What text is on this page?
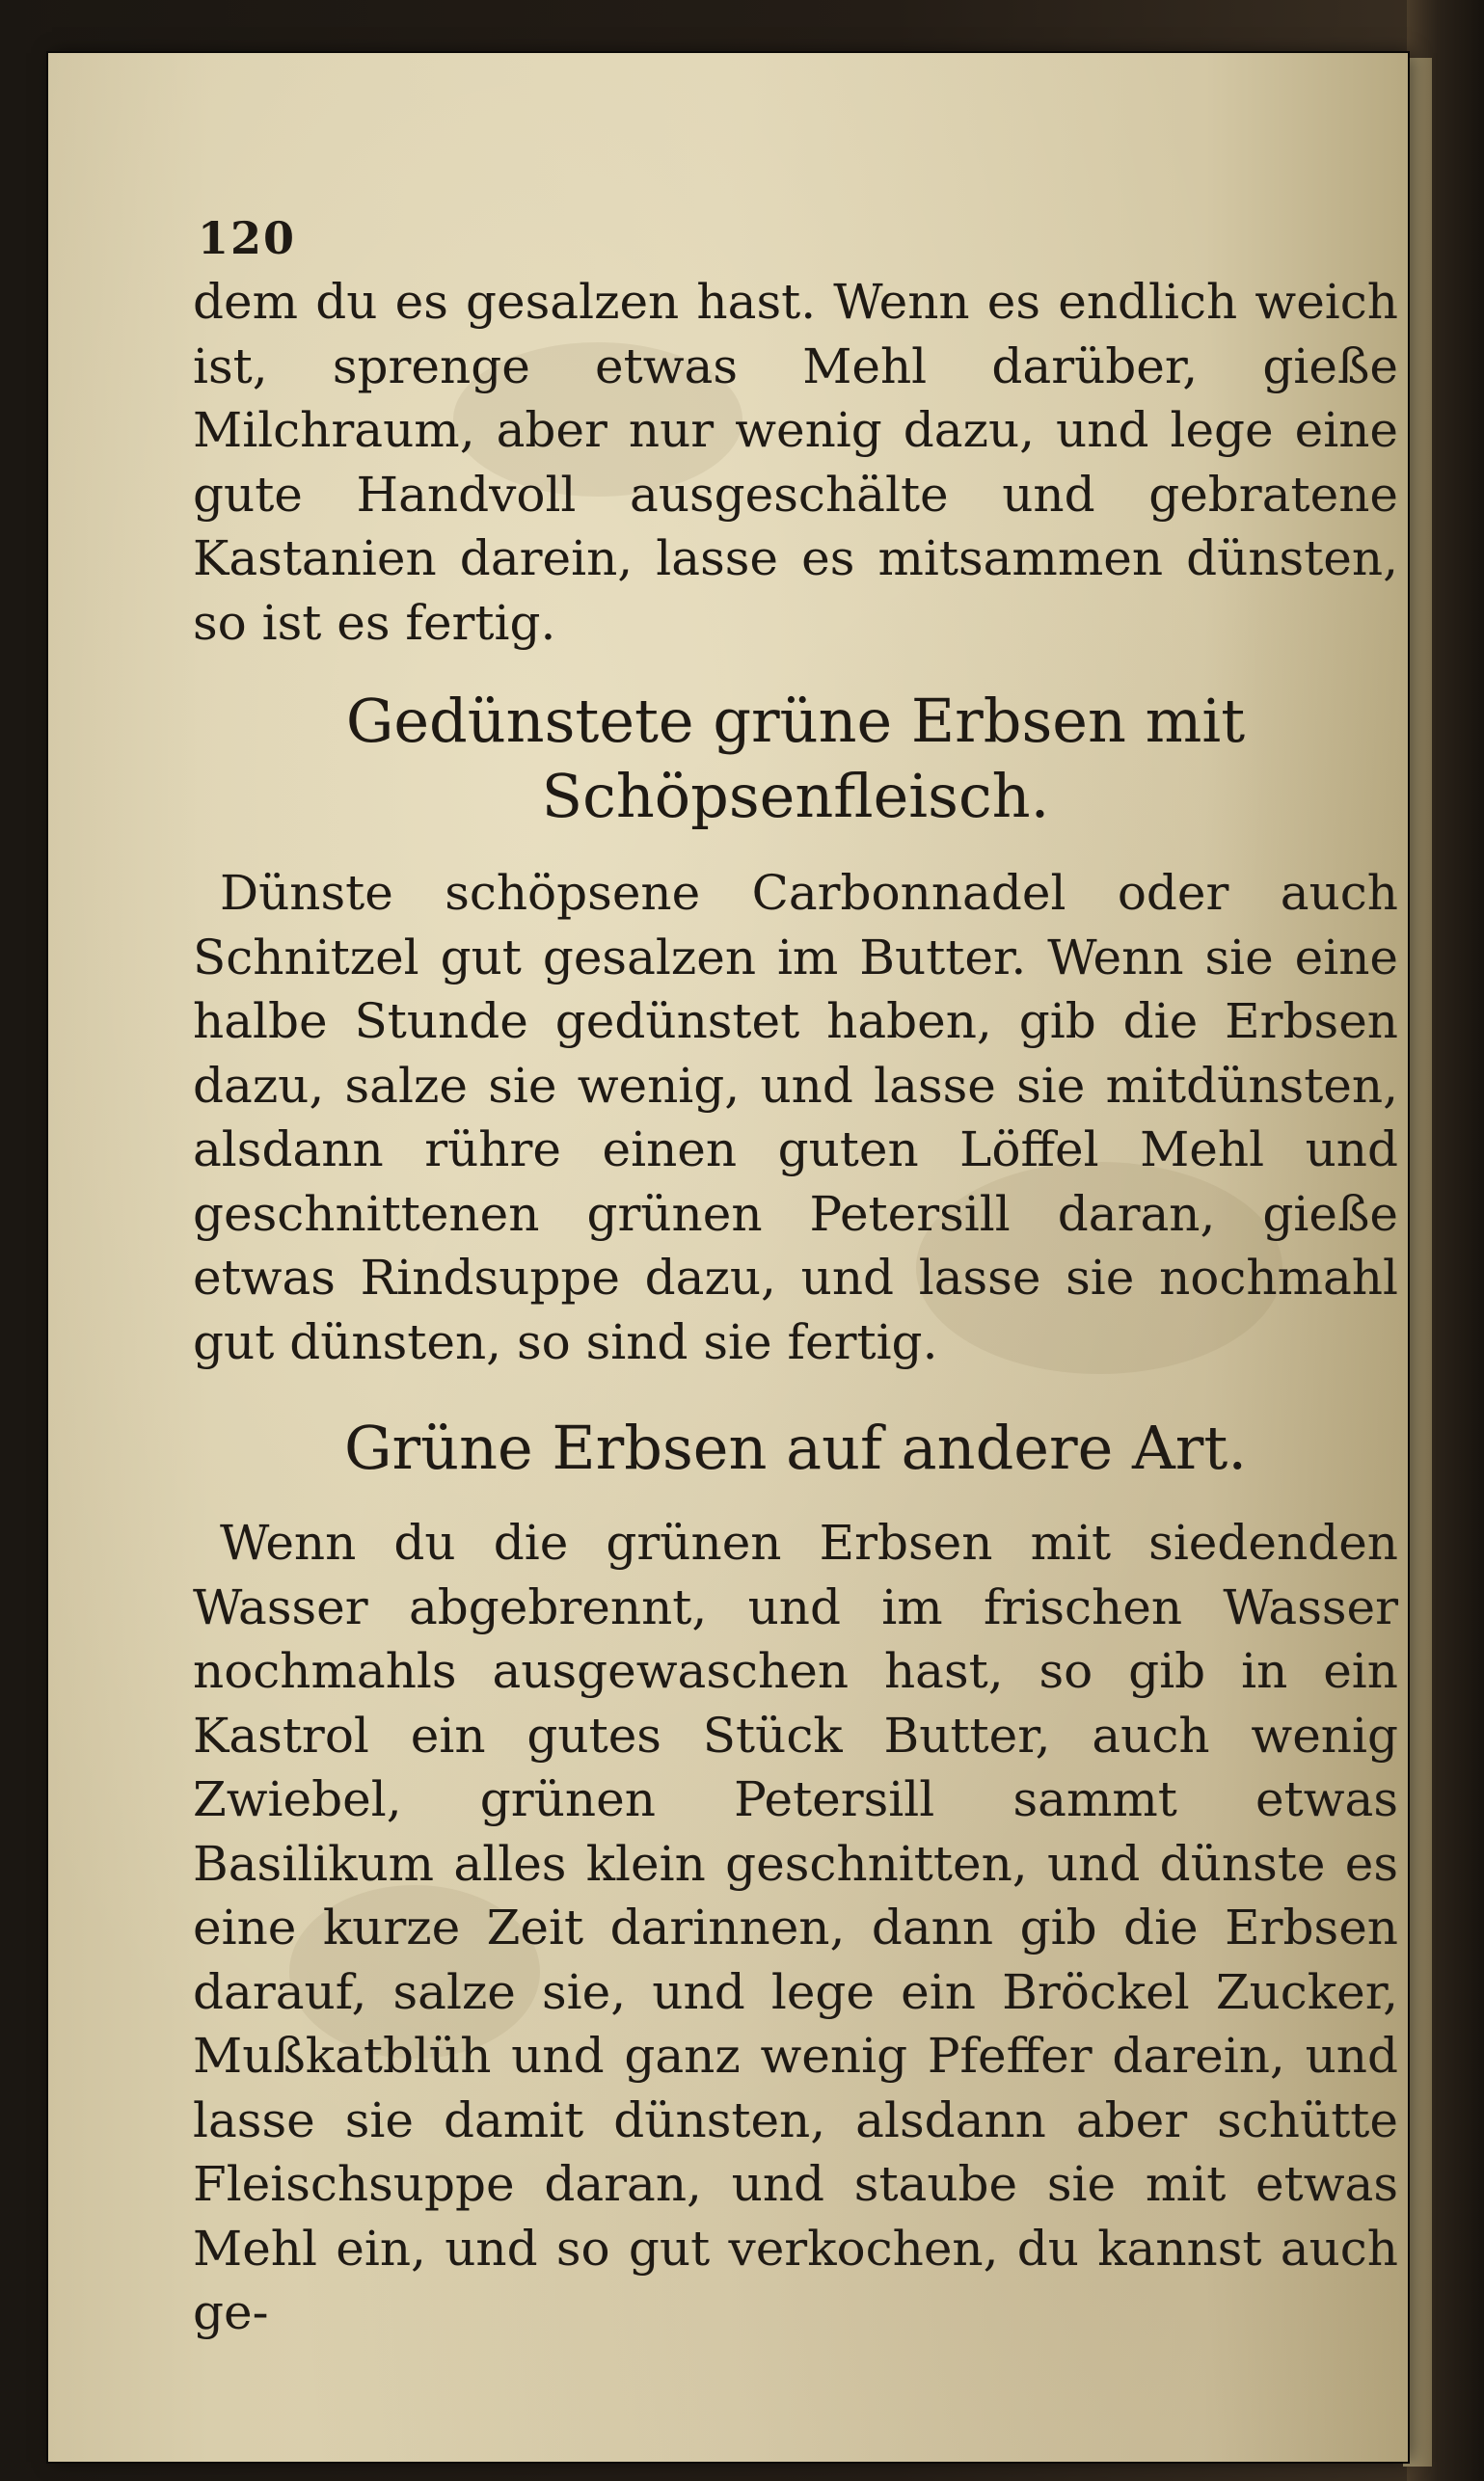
120

dem du es gesalzen hast. Wenn es endlich weich ist, sprenge etwas Mehl darüber, gieße Milchraum, aber nur wenig dazu, und lege eine gute Handvoll ausgeschälte und gebratene Kastanien darein, lasse es mitsammen dünsten, so ist es fertig.

Gedünstete grüne Erbsen mit Schöpsenfleisch.

Dünste schöpsene Carbonnadel oder auch Schnitzel gut gesalzen im Butter. Wenn sie eine halbe Stunde gedünstet haben, gib die Erbsen dazu, salze sie wenig, und lasse sie mitdünsten, alsdann rühre einen guten Löffel Mehl und geschnittenen grünen Petersill daran, gieße etwas Rindsuppe dazu, und lasse sie nochmahl gut dünsten, so sind sie fertig.

Grüne Erbsen auf andere Art.

Wenn du die grünen Erbsen mit siedenden Wasser abgebrennt, und im frischen Wasser nochmahls ausgewaschen hast, so gib in ein Kastrol ein gutes Stück Butter, auch wenig Zwiebel, grünen Petersill sammt etwas Basilikum alles klein geschnitten, und dünste es eine kurze Zeit darinnen, dann gib die Erbsen darauf, salze sie, und lege ein Bröckel Zucker, Mußkatblüh und ganz wenig Pfeffer darein, und lasse sie damit dünsten, alsdann aber schütte Fleischsuppe daran, und staube sie mit etwas Mehl ein, und so gut verkochen, du kannst auch ge-
